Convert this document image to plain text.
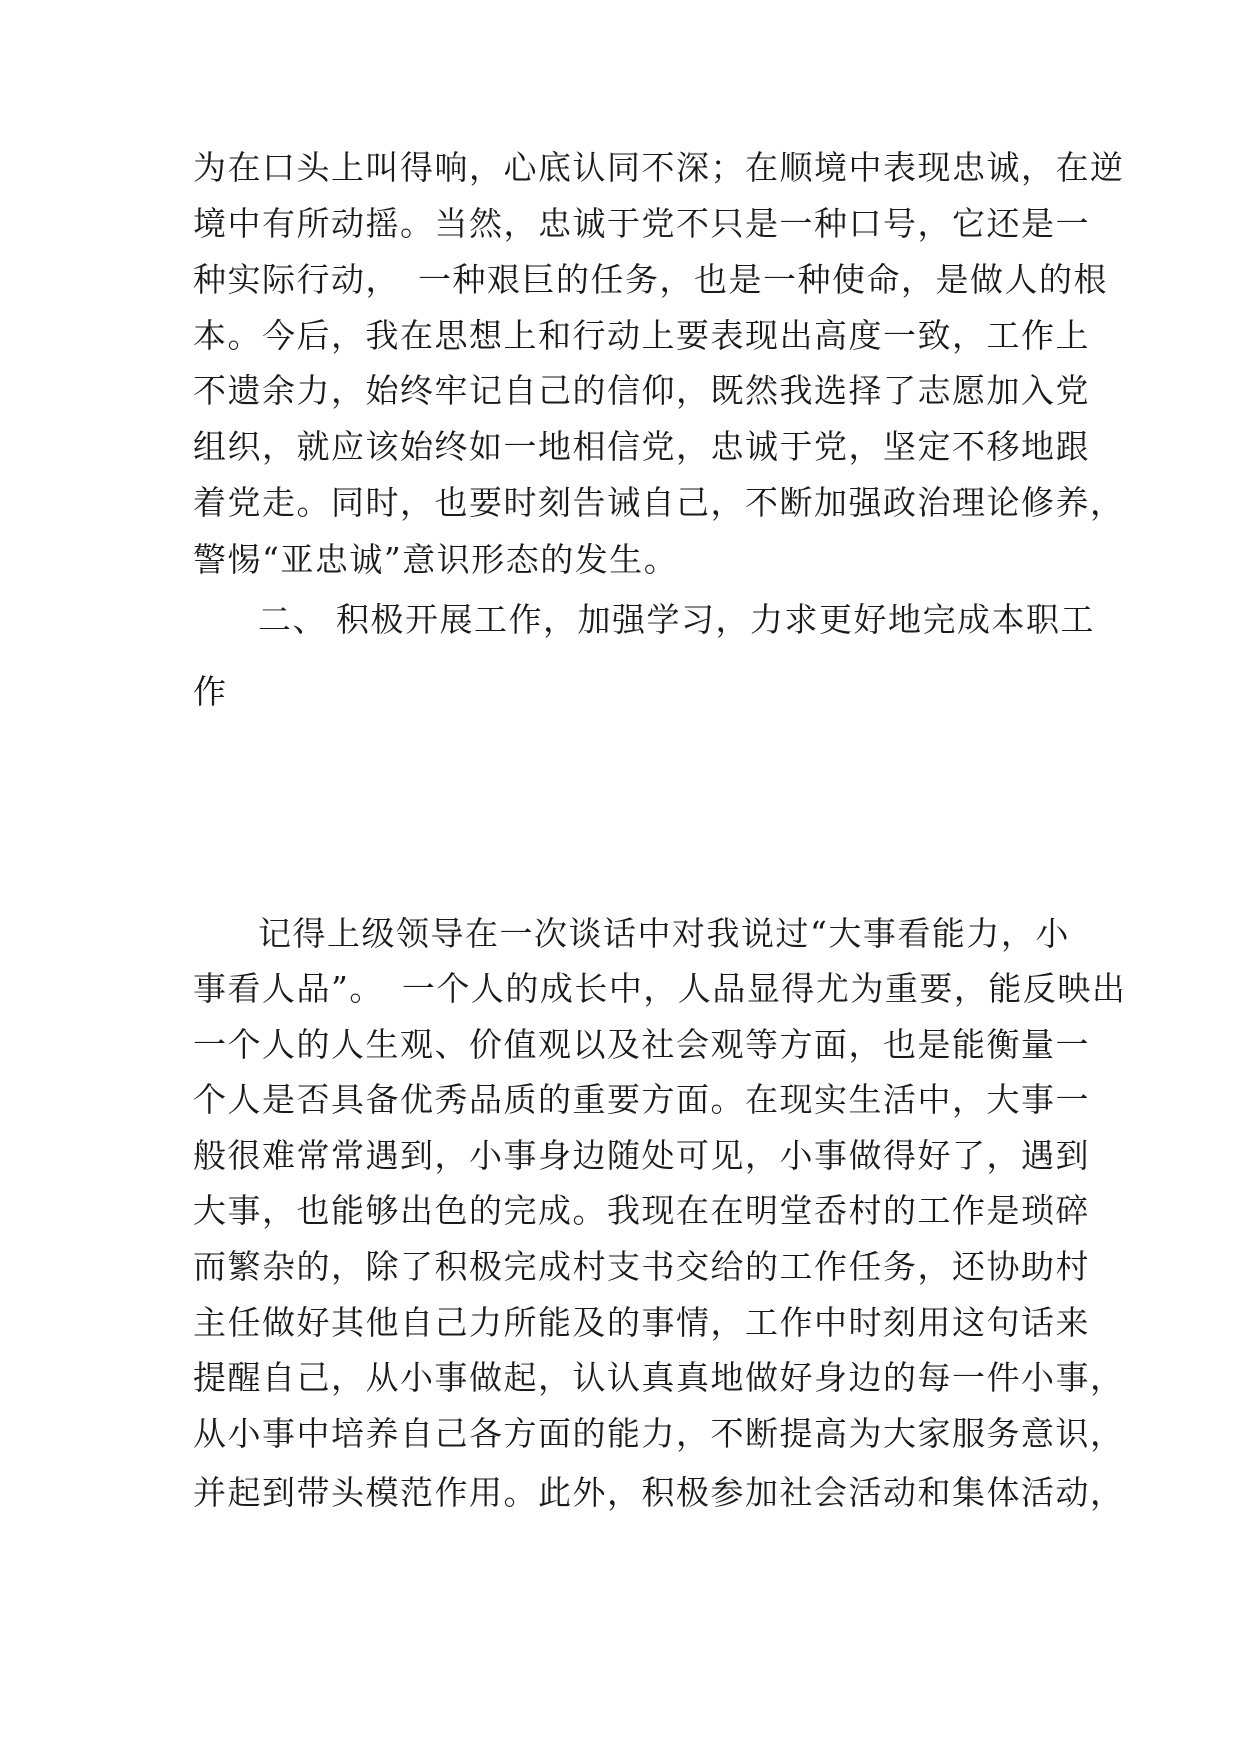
为在口头上叫得响，心底认同不深；在顺境中表现忠诚，在逆
境中有所动摇。当然，忠诚于党不只是一种口号，它还是一
种实际行动，　一种艰巨的任务，也是一种使命，是做人的根
本。今后，我在思想上和行动上要表现出高度一致，工作上
不遗余力，始终牢记自己的信仰，既然我选择了志愿加入党
组织，就应该始终如一地相信党，忠诚于党，坚定不移地跟
着党走。同时，也要时刻告诫自己，不断加强政治理论修养，
警惕“亚忠诚”意识形态的发生。
二、 积极开展工作，加强学习，力求更好地完成本职工
作
记得上级领导在一次谈话中对我说过“大事看能力，小
事看人品”。　一个人的成长中，人品显得尤为重要，能反映出
一个人的人生观、价值观以及社会观等方面，也是能衡量一
个人是否具备优秀品质的重要方面。在现实生活中，大事一
般很难常常遇到，小事身边随处可见，小事做得好了，遇到
大事，也能够出色的完成。我现在在明堂岙村的工作是琐碎
而繁杂的，除了积极完成村支书交给的工作任务，还协助村
主任做好其他自己力所能及的事情，工作中时刻用这句话来
提醒自己，从小事做起，认认真真地做好身边的每一件小事，
从小事中培养自己各方面的能力，不断提高为大家服务意识，
并起到带头模范作用。此外，积极参加社会活动和集体活动，
